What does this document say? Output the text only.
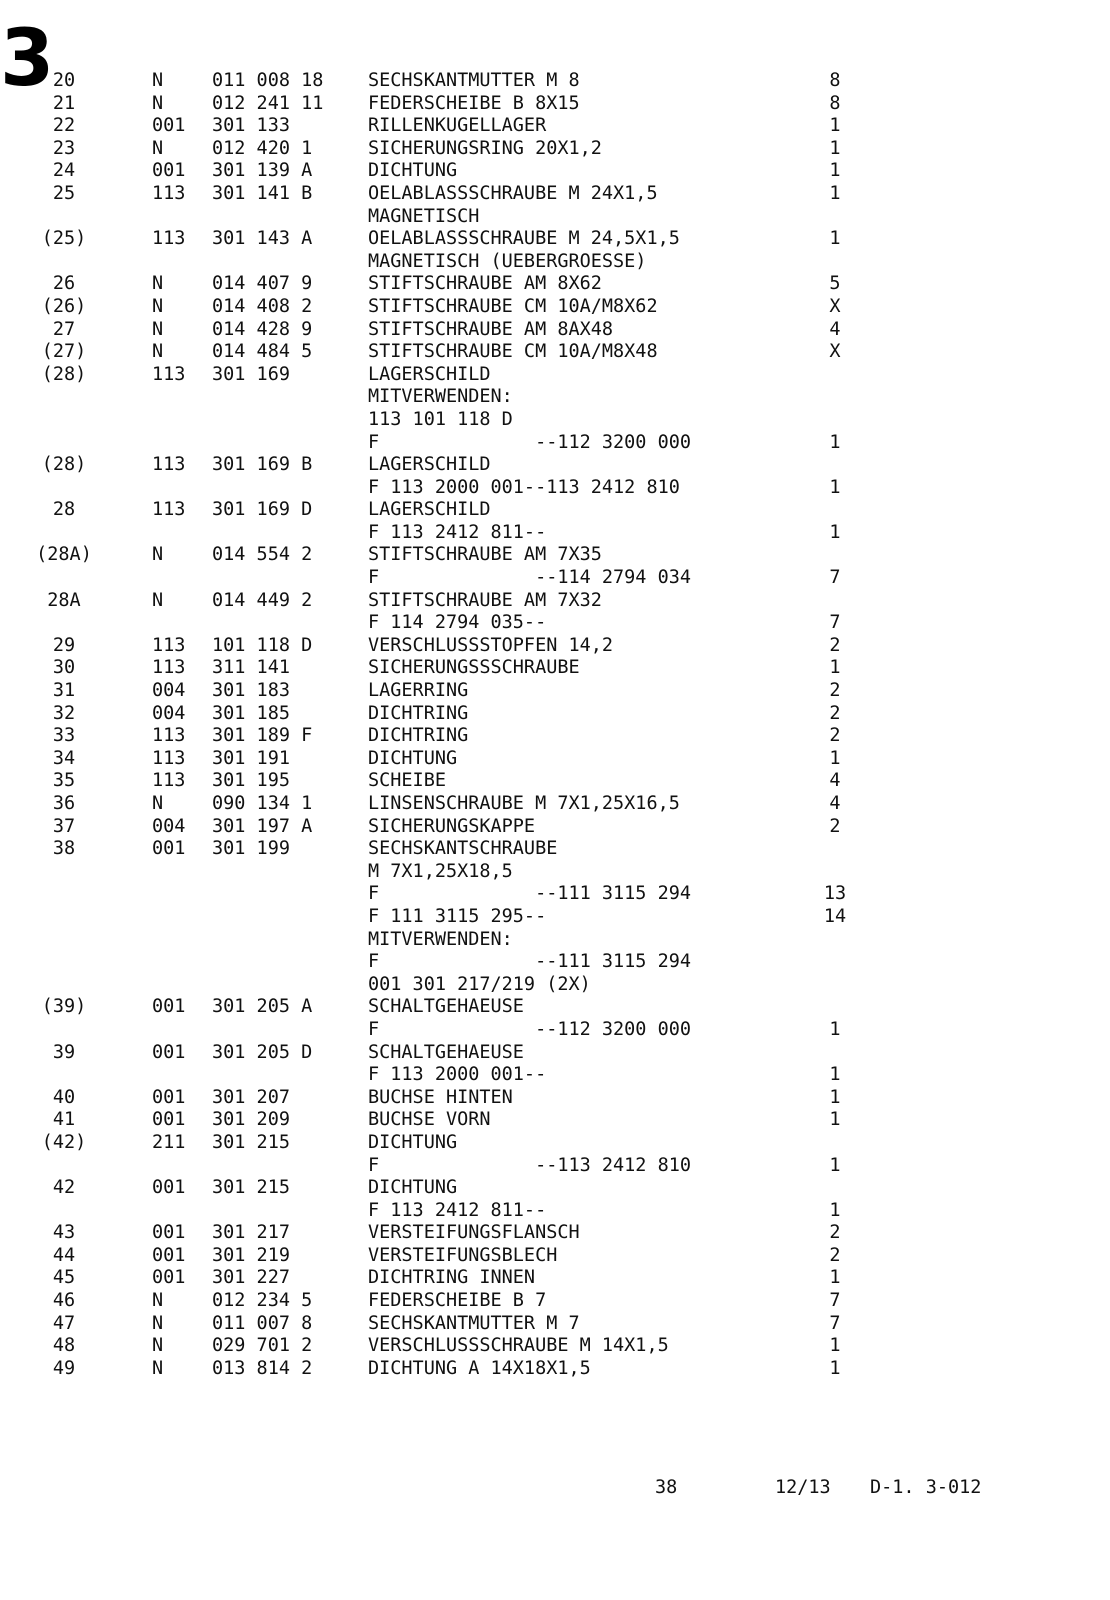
3
20	N	011 008 18 SECHSKANTMUTTER M 8	8
21	N	012 241 11 FEDERSCHEIBE B 8X15	8
22	001 301 133	RILLENKUGELLAGER	1
23	N	012 420 1	SICHERUNGSRING 20X1,2	1
24	001 301 139 A	DICHTUNG	1
25	113 301 141 B	OELABLASSSCHRAUBE M 24X1,5	1
MAGNETISCH
(25)	113 301 143 A	OELABLASSSCHRAUBE M 24,5X1,5	1
MAGNETISCH (UEBERGROESSE)
26	N	014 407 9	STIFTSCHRAUBE AM 8X62	5
(26)	N	014 408 2	STIFTSCHRAUBE CM 10A/M8X62	X
27	N	014 428 9	STIFTSCHRAUBE AM 8AX48	4
(27)	N	014 484 5	STIFTSCHRAUBE CM 10A/M8X48	X
(28)	113 301 169	LAGERSCHILD
MITVERWENDEN:
113 101 118 D
F              --112 3200 000	1
(28)	113 301 169 B	LAGERSCHILD
F 113 2000 001--113 2412 810	1
28	113 301 169 D	LAGERSCHILD
F 113 2412 811--	1
(28A)	N	014 554 2	STIFTSCHRAUBE AM 7X35
F              --114 2794 034	7
28A	N	014 449 2	STIFTSCHRAUBE AM 7X32
F 114 2794 035--	7
29	113 101 118 D	VERSCHLUSSSTOPFEN 14,2	2
30	113 311 141	SICHERUNGSSSCHRAUBE	1
31	004 301 183	LAGERRING	2
32	004 301 185	DICHTRING	2
33	113 301 189 F	DICHTRING	2
34	113 301 191	DICHTUNG	1
35	113 301 195	SCHEIBE	4
36	N	090 134 1	LINSENSCHRAUBE M 7X1,25X16,5	4
37	004 301 197 A	SICHERUNGSKAPPE	2
38	001 301 199	SECHSKANTSCHRAUBE
M 7X1,25X18,5
F              --111 3115 294	13
F 111 3115 295--	14
MITVERWENDEN:
F              --111 3115 294
001 301 217/219 (2X)
(39)	001 301 205 A	SCHALTGEHAEUSE
F              --112 3200 000	1
39	001 301 205 D	SCHALTGEHAEUSE
F 113 2000 001--	1
40	001 301 207	BUCHSE HINTEN	1
41	001 301 209	BUCHSE VORN	1
(42)	211 301 215	DICHTUNG
F              --113 2412 810	1
42	001 301 215	DICHTUNG
F 113 2412 811--	1
43	001 301 217	VERSTEIFUNGSFLANSCH	2
44	001 301 219	VERSTEIFUNGSBLECH	2
45	001 301 227	DICHTRING INNEN	1
46	N	012 234 5	FEDERSCHEIBE B 7	7
47	N	011 007 8	SECHSKANTMUTTER M 7	7
48	N	029 701 2	VERSCHLUSSSCHRAUBE M 14X1,5	1
49	N	013 814 2	DICHTUNG A 14X18X1,5	1
38	12/13 D-1. 3-012
